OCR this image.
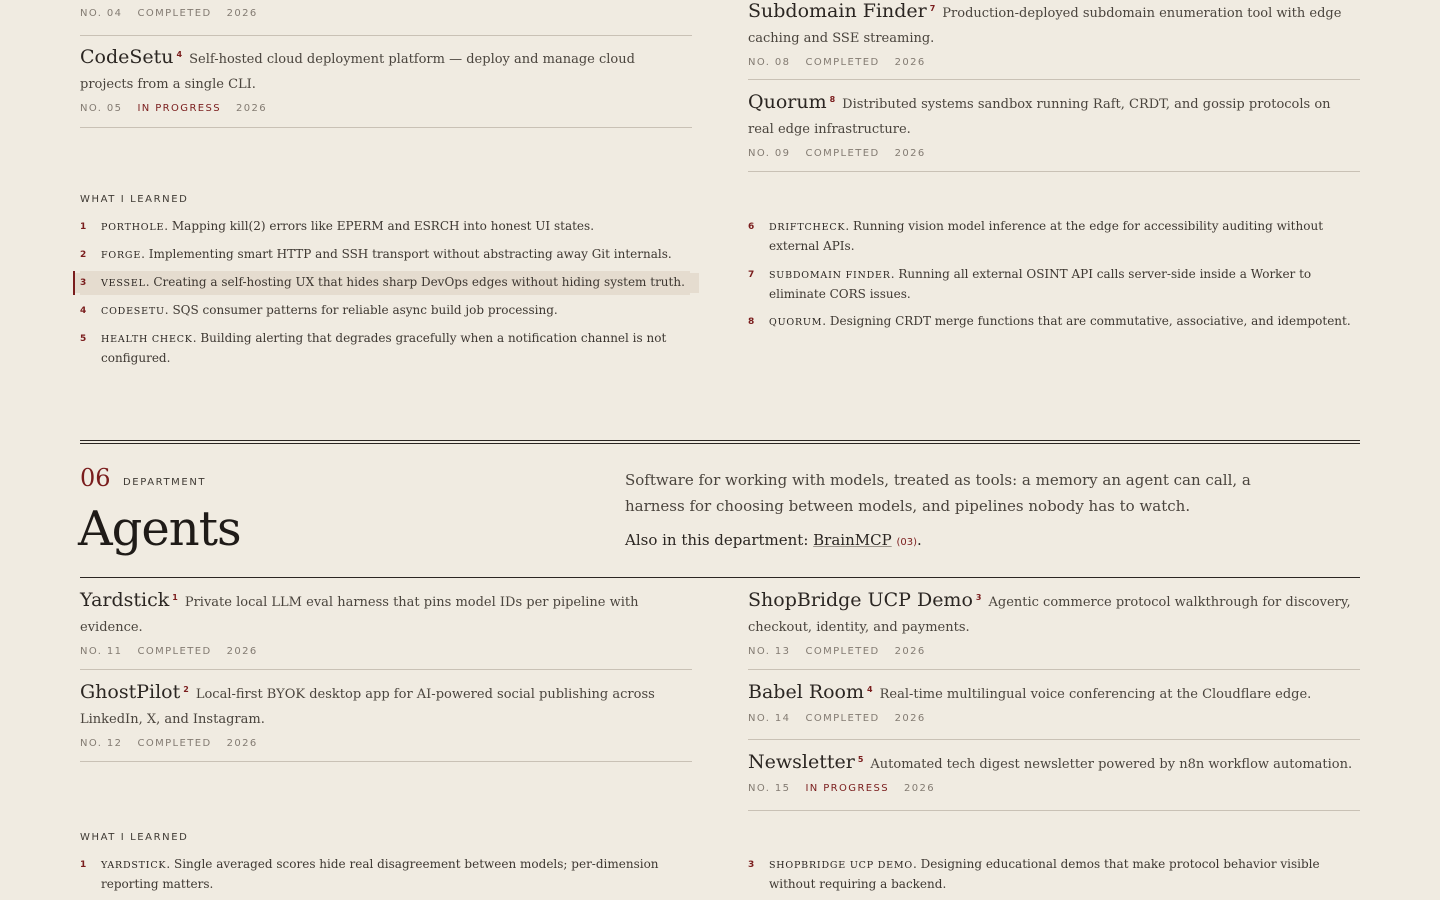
NO. 04 COMPLETED 2026
CodeSetu $^4$ Self-hosted cloud deployment platform — deploy and manage cloud projects from a single CLI.
NO. 05 IN PROGRESS 2026
Subdomain Finder $^7$ Production-deployed subdomain enumeration tool with edge caching and SSE streaming.
NO. 08 COMPLETED 2026
Quorum $^8$ Distributed systems sandbox running Raft, CRDT, and gossip protocols on real edge infrastructure.
NO. 09 COMPLETED 2026
WHAT I LEARNED
1 PORTHOLE. Mapping kill(2) errors like EPERM and ESRCH into honest UI states.
2 FORGE. Implementing smart HTTP and SSH transport without abstracting away Git internals.
3 VESSEL. Creating a self-hosting UX that hides sharp DevOps edges without hiding system truth.
4 CODESETU. SQS consumer patterns for reliable async build job processing.
5 HEALTH CHECK. Building alerting that degrades gracefully when a notification channel is not configured.
6 DRIFTCHECK. Running vision model inference at the edge for accessibility auditing without external APIs.
7 SUBDOMAIN FINDER. Running all external OSINT API calls server-side inside a Worker to eliminate CORS issues.
8 QUORUM. Designing CRDT merge functions that are commutative, associative, and idempotent.
06 DEPARTMENT
Agents
Software for working with models, treated as tools: a memory an agent can call, a harness for choosing between models, and pipelines nobody has to watch.
Also in this department: BrainMCP (03).
Yardstick $^1$ Private local LLM eval harness that pins model IDs per pipeline with evidence.
NO. 11 COMPLETED 2026
GhostPilot $^2$ Local-first BYOK desktop app for AI-powered social publishing across LinkedIn, X, and Instagram.
NO. 12 COMPLETED 2026
ShopBridge UCP Demo $^3$ Agentic commerce protocol walkthrough for discovery, checkout, identity, and payments.
NO. 13 COMPLETED 2026
Babel Room $^4$ Real-time multilingual voice conferencing at the Cloudflare edge.
NO. 14 COMPLETED 2026
Newsletter $^5$ Automated tech digest newsletter powered by n8n workflow automation.
NO. 15 IN PROGRESS 2026
WHAT I LEARNED
1 YARDSTICK. Single averaged scores hide real disagreement between models; per-dimension reporting matters.
3 SHOPBRIDGE UCP DEMO. Designing educational demos that make protocol behavior visible without requiring a backend.
